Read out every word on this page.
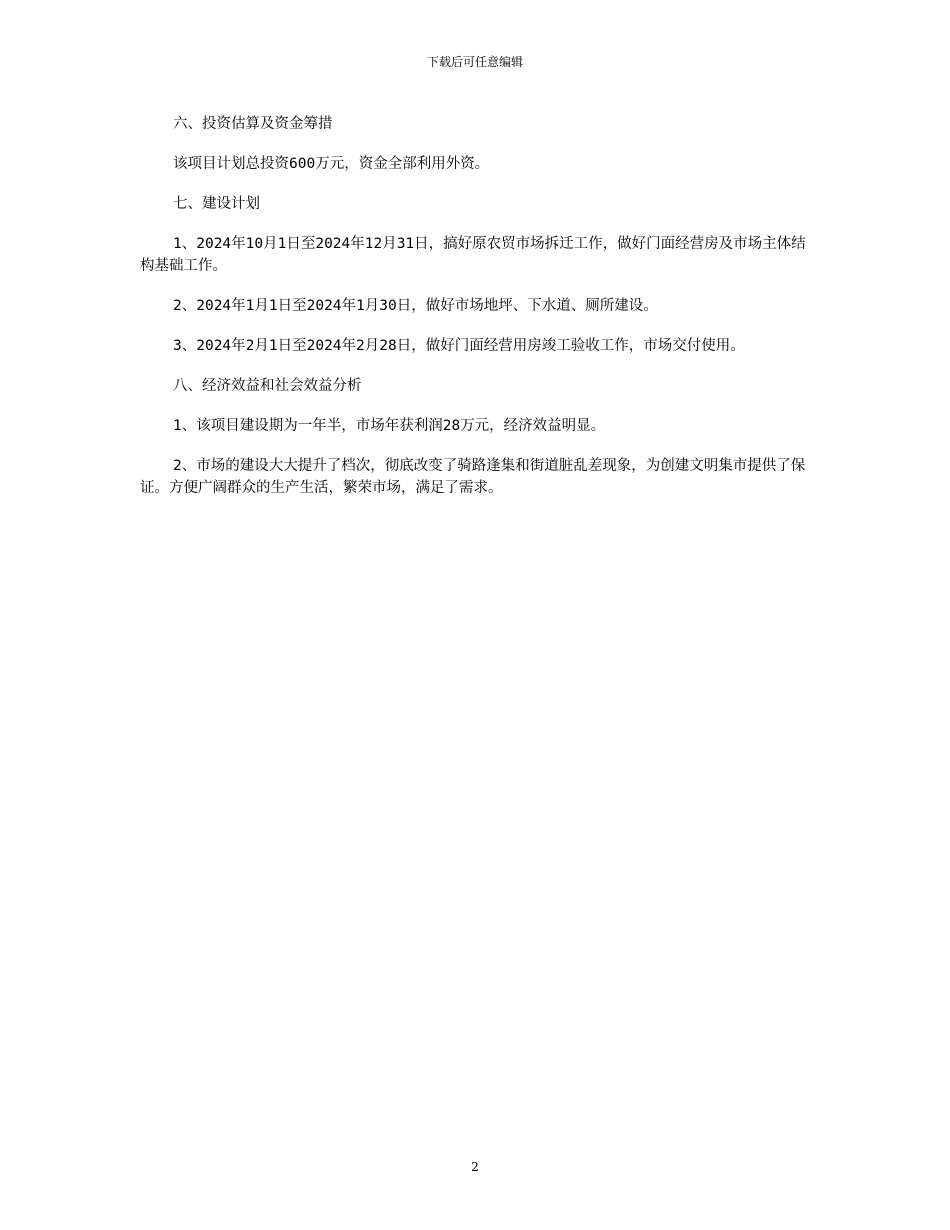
下载后可任意编辑

六、投资估算及资金筹措

该项目计划总投资600万元，资金全部利用外资。

七、建设计划

1、2024年10月1日至2024年12月31日，搞好原农贸市场拆迁工作，做好门面经营房及市场主体结构基础工作。

2、2024年1月1日至2024年1月30日，做好市场地坪、下水道、厕所建设。

3、2024年2月1日至2024年2月28日，做好门面经营用房竣工验收工作，市场交付使用。

八、经济效益和社会效益分析

1、该项目建设期为一年半，市场年获利润28万元，经济效益明显。

2、市场的建设大大提升了档次，彻底改变了骑路逢集和街道脏乱差现象，为创建文明集市提供了保证。方便广阔群众的生产生活，繁荣市场，满足了需求。

2
